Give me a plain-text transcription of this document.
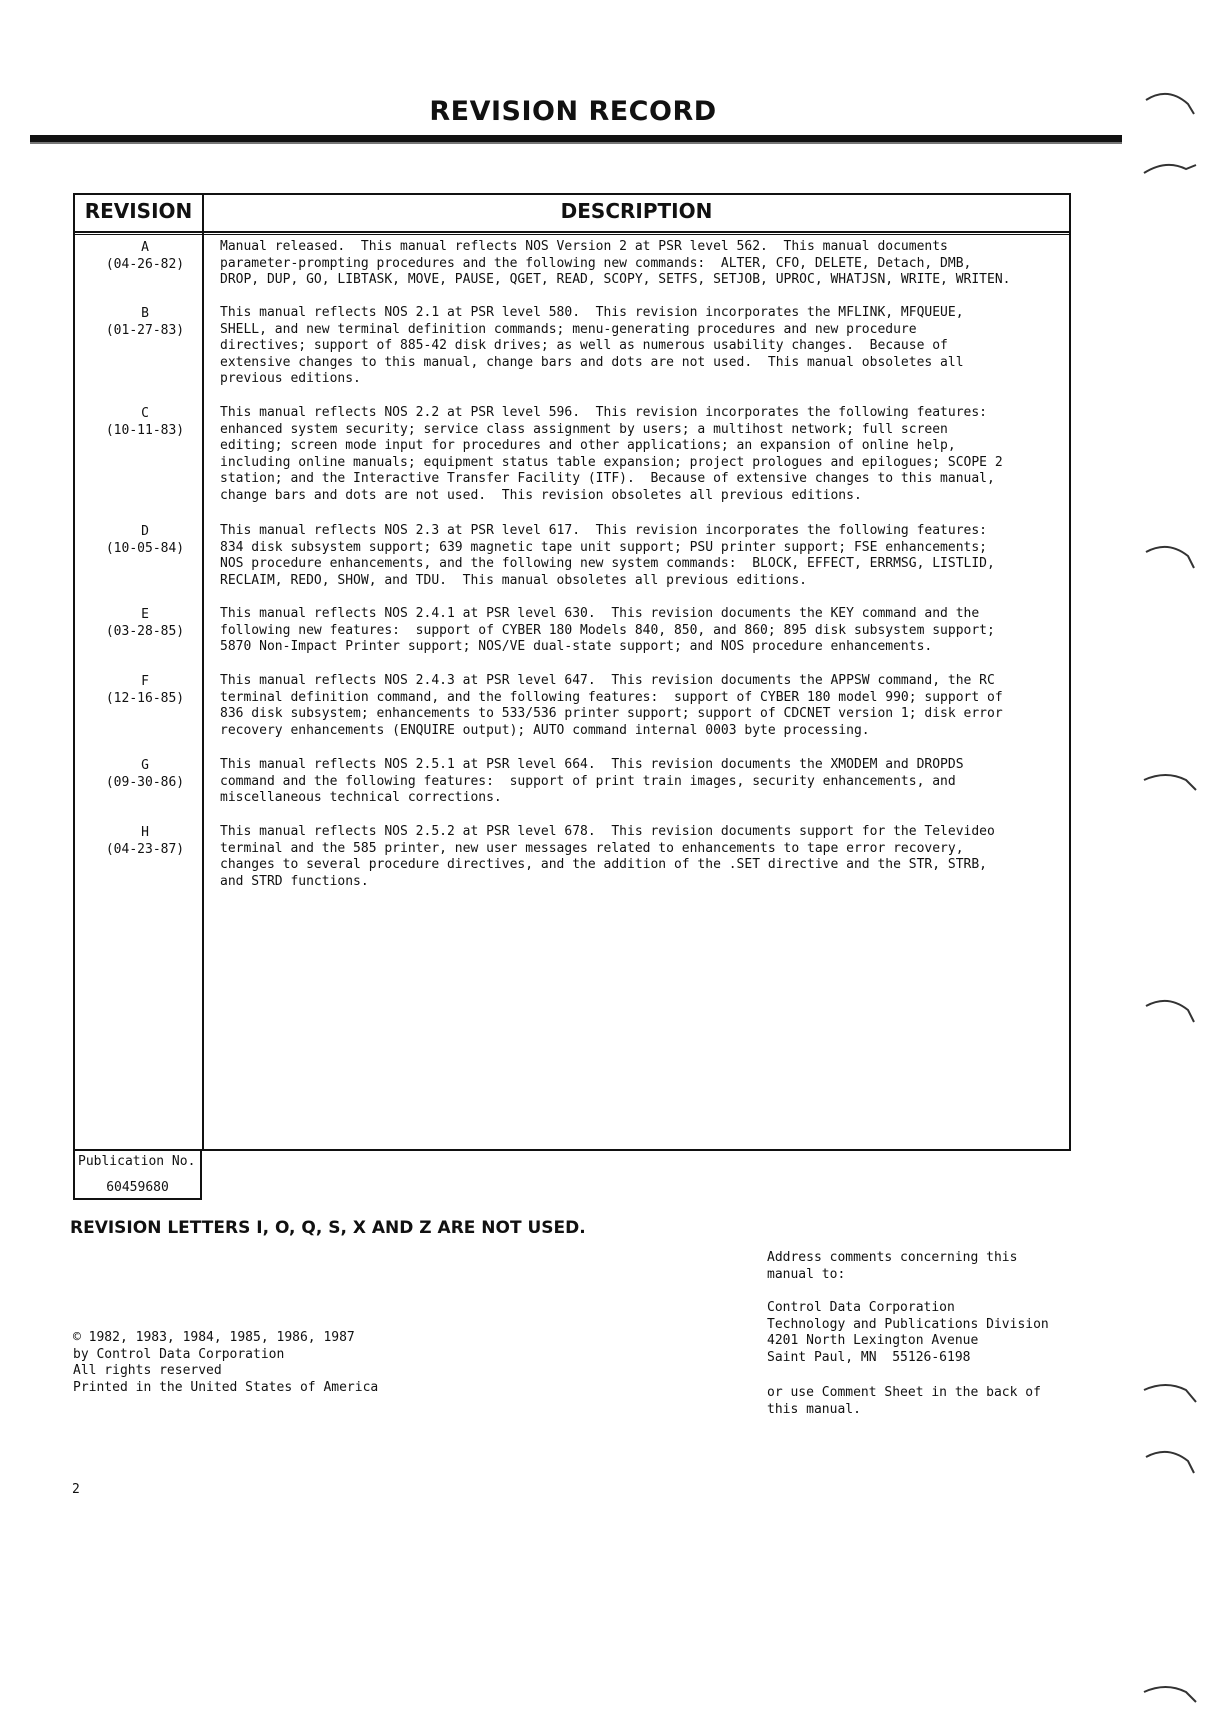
REVISION RECORD
REVISION	DESCRIPTION
A
(04-26-82)
Manual released.  This manual reflects NOS Version 2 at PSR level 562.  This manual documents
parameter-prompting procedures and the following new commands:  ALTER, CFO, DELETE, Detach, DMB,
DROP, DUP, GO, LIBTASK, MOVE, PAUSE, QGET, READ, SCOPY, SETFS, SETJOB, UPROC, WHATJSN, WRITE, WRITEN.
B
(01-27-83)
This manual reflects NOS 2.1 at PSR level 580.  This revision incorporates the MFLINK, MFQUEUE,
SHELL, and new terminal definition commands; menu-generating procedures and new procedure
directives; support of 885-42 disk drives; as well as numerous usability changes.  Because of
extensive changes to this manual, change bars and dots are not used.  This manual obsoletes all
previous editions.
C
(10-11-83)
This manual reflects NOS 2.2 at PSR level 596.  This revision incorporates the following features:
enhanced system security; service class assignment by users; a multihost network; full screen
editing; screen mode input for procedures and other applications; an expansion of online help,
including online manuals; equipment status table expansion; project prologues and epilogues; SCOPE 2
station; and the Interactive Transfer Facility (ITF).  Because of extensive changes to this manual,
change bars and dots are not used.  This revision obsoletes all previous editions.
D
(10-05-84)
This manual reflects NOS 2.3 at PSR level 617.  This revision incorporates the following features:
834 disk subsystem support; 639 magnetic tape unit support; PSU printer support; FSE enhancements;
NOS procedure enhancements, and the following new system commands:  BLOCK, EFFECT, ERRMSG, LISTLID,
RECLAIM, REDO, SHOW, and TDU.  This manual obsoletes all previous editions.
E
(03-28-85)
This manual reflects NOS 2.4.1 at PSR level 630.  This revision documents the KEY command and the
following new features:  support of CYBER 180 Models 840, 850, and 860; 895 disk subsystem support;
5870 Non-Impact Printer support; NOS/VE dual-state support; and NOS procedure enhancements.
F
(12-16-85)
This manual reflects NOS 2.4.3 at PSR level 647.  This revision documents the APPSW command, the RC
terminal definition command, and the following features:  support of CYBER 180 model 990; support of
836 disk subsystem; enhancements to 533/536 printer support; support of CDCNET version 1; disk error
recovery enhancements (ENQUIRE output); AUTO command internal 0003 byte processing.
G
(09-30-86)
This manual reflects NOS 2.5.1 at PSR level 664.  This revision documents the XMODEM and DROPDS
command and the following features:  support of print train images, security enhancements, and
miscellaneous technical corrections.
H
(04-23-87)
This manual reflects NOS 2.5.2 at PSR level 678.  This revision documents support for the Televideo
terminal and the 585 printer, new user messages related to enhancements to tape error recovery,
changes to several procedure directives, and the addition of the .SET directive and the STR, STRB,
and STRD functions.
Publication No.
60459680
REVISION LETTERS I, O, Q, S, X AND Z ARE NOT USED.
Address comments concerning this
manual to:
Control Data Corporation
Technology and Publications Division
4201 North Lexington Avenue
Saint Paul, MN  55126-6198
or use Comment Sheet in the back of
this manual.
© 1982, 1983, 1984, 1985, 1986, 1987
by Control Data Corporation
All rights reserved
Printed in the United States of America
2
